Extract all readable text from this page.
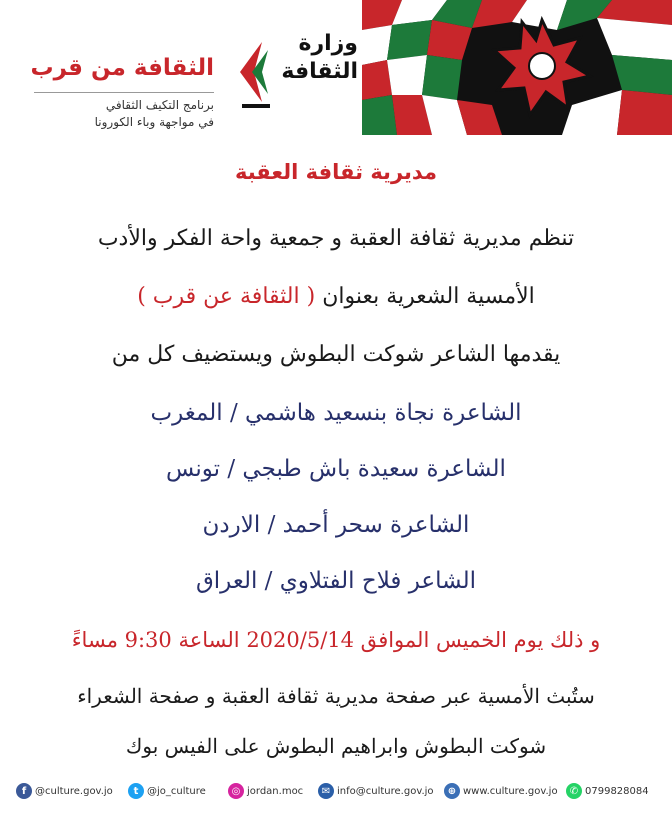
وزارة
الثقافة
الثقافة من قرب
برنامج التكيف الثقافي
في مواجهة وباء الكورونا
مديرية ثقافة العقبة
تنظم مديرية ثقافة العقبة و جمعية واحة الفكر والأدب
الأمسية الشعرية بعنوان ( الثقافة عن قرب )
يقدمها الشاعر شوكت البطوش ويستضيف كل من
الشاعرة نجاة بنسعيد هاشمي / المغرب
الشاعرة سعيدة باش طبجي / تونس
الشاعرة سحر أحمد / الاردن
الشاعر فلاح الفتلاوي / العراق
و ذلك يوم الخميس الموافق 2020/5/14 الساعة 9:30 مساءً
ستُبث الأمسية عبر صفحة مديرية ثقافة العقبة و صفحة الشعراء
شوكت البطوش وابراهيم البطوش على الفيس بوك
f @culture.gov.jo	t @jo_culture	◎ jordan.moc	✉ info@culture.gov.jo	⊕ www.culture.gov.jo	✆ 0799828084
